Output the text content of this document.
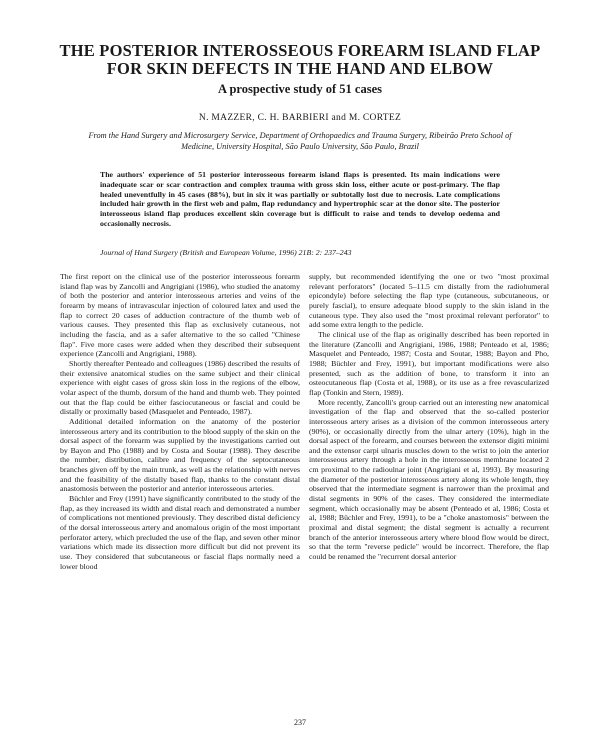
THE POSTERIOR INTEROSSEOUS FOREARM ISLAND FLAP
FOR SKIN DEFECTS IN THE HAND AND ELBOW
A prospective study of 51 cases

N. MAZZER, C. H. BARBIERI and M. CORTEZ

From the Hand Surgery and Microsurgery Service, Department of Orthopaedics and Trauma Surgery, Ribeirão Preto School of Medicine, University Hospital, São Paulo University, São Paulo, Brazil

The authors' experience of 51 posterior interosseous forearm island flaps is presented. Its main indications were inadequate scar or scar contraction and complex trauma with gross skin loss, either acute or post-primary. The flap healed uneventfully in 45 cases (88%), but in six it was partially or subtotally lost due to necrosis. Late complications included hair growth in the first web and palm, flap redundancy and hypertrophic scar at the donor site. The posterior interosseous island flap produces excellent skin coverage but is difficult to raise and tends to develop oedema and occasionally necrosis.

Journal of Hand Surgery (British and European Volume, 1996) 21B: 2: 237–243

The first report on the clinical use of the posterior interosseous forearm island flap was by Zancolli and Angrigiani (1986), who studied the anatomy of both the posterior and anterior interosseous arteries and veins of the forearm by means of intravascular injection of coloured latex and used the flap to correct 20 cases of adduction contracture of the thumb web of various causes. They presented this flap as exclusively cutaneous, not including the fascia, and as a safer alternative to the so called "Chinese flap". Five more cases were added when they described their subsequent experience (Zancolli and Angrigiani, 1988).

Shortly thereafter Penteado and colleagues (1986) described the results of their extensive anatomical studies on the same subject and their clinical experience with eight cases of gross skin loss in the regions of the elbow, volar aspect of the thumb, dorsum of the hand and thumb web. They pointed out that the flap could be either fasciocutaneous or fascial and could be distally or proximally based (Masquelet and Penteado, 1987).

Additional detailed information on the anatomy of the posterior interosseous artery and its contribution to the blood supply of the skin on the dorsal aspect of the forearm was supplied by the investigations carried out by Bayon and Pho (1988) and by Costa and Soutar (1988). They describe the number, distribution, calibre and frequency of the septocutaneous branches given off by the main trunk, as well as the relationship with nerves and the feasibility of the distally based flap, thanks to the constant distal anastomosis between the posterior and anterior interosseous arteries.

Büchler and Frey (1991) have significantly contributed to the study of the flap, as they increased its width and distal reach and demonstrated a number of complications not mentioned previously. They described distal deficiency of the dorsal interosseous artery and anomalous origin of the most important perforator artery, which precluded the use of the flap, and seven other minor variations which made its dissection more difficult but did not prevent its use. They considered that subcutaneous or fascial flaps normally need a lower blood

supply, but recommended identifying the one or two "most proximal relevant perforators" (located 5–11.5 cm distally from the radiohumeral epicondyle) before selecting the flap type (cutaneous, subcutaneous, or purely fascial), to ensure adequate blood supply to the skin island in the cutaneous type. They also used the "most proximal relevant perforator" to add some extra length to the pedicle.

The clinical use of the flap as originally described has been reported in the literature (Zancolli and Angrigiani, 1986, 1988; Penteado et al, 1986; Masquelet and Penteado, 1987; Costa and Soutar, 1988; Bayon and Pho, 1988; Büchler and Frey, 1991), but important modifications were also presented, such as the addition of bone, to transform it into an osteocutaneous flap (Costa et al, 1988), or its use as a free revascularized flap (Tonkin and Stern, 1989).

More recently, Zancolli's group carried out an interesting new anatomical investigation of the flap and observed that the so-called posterior interosseous artery arises as a division of the common interosseous artery (90%), or occasionally directly from the ulnar artery (10%), high in the dorsal aspect of the forearm, and courses between the extensor digiti minimi and the extensor carpi ulnaris muscles down to the wrist to join the anterior interosseous artery through a hole in the interosseous membrane located 2 cm proximal to the radioulnar joint (Angrigiani et al, 1993). By measuring the diameter of the posterior interosseous artery along its whole length, they observed that the intermediate segment is narrower than the proximal and distal segments in 90% of the cases. They considered the intermediate segment, which occasionally may be absent (Penteado et al, 1986; Costa et al, 1988; Büchler and Frey, 1991), to be a "choke anastomosis" between the proximal and distal segment; the distal segment is actually a recurrent branch of the anterior interosseous artery where blood flow would be direct, so that the term "reverse pedicle" would be incorrect. Therefore, the flap could be renamed the "recurrent dorsal anterior

237
